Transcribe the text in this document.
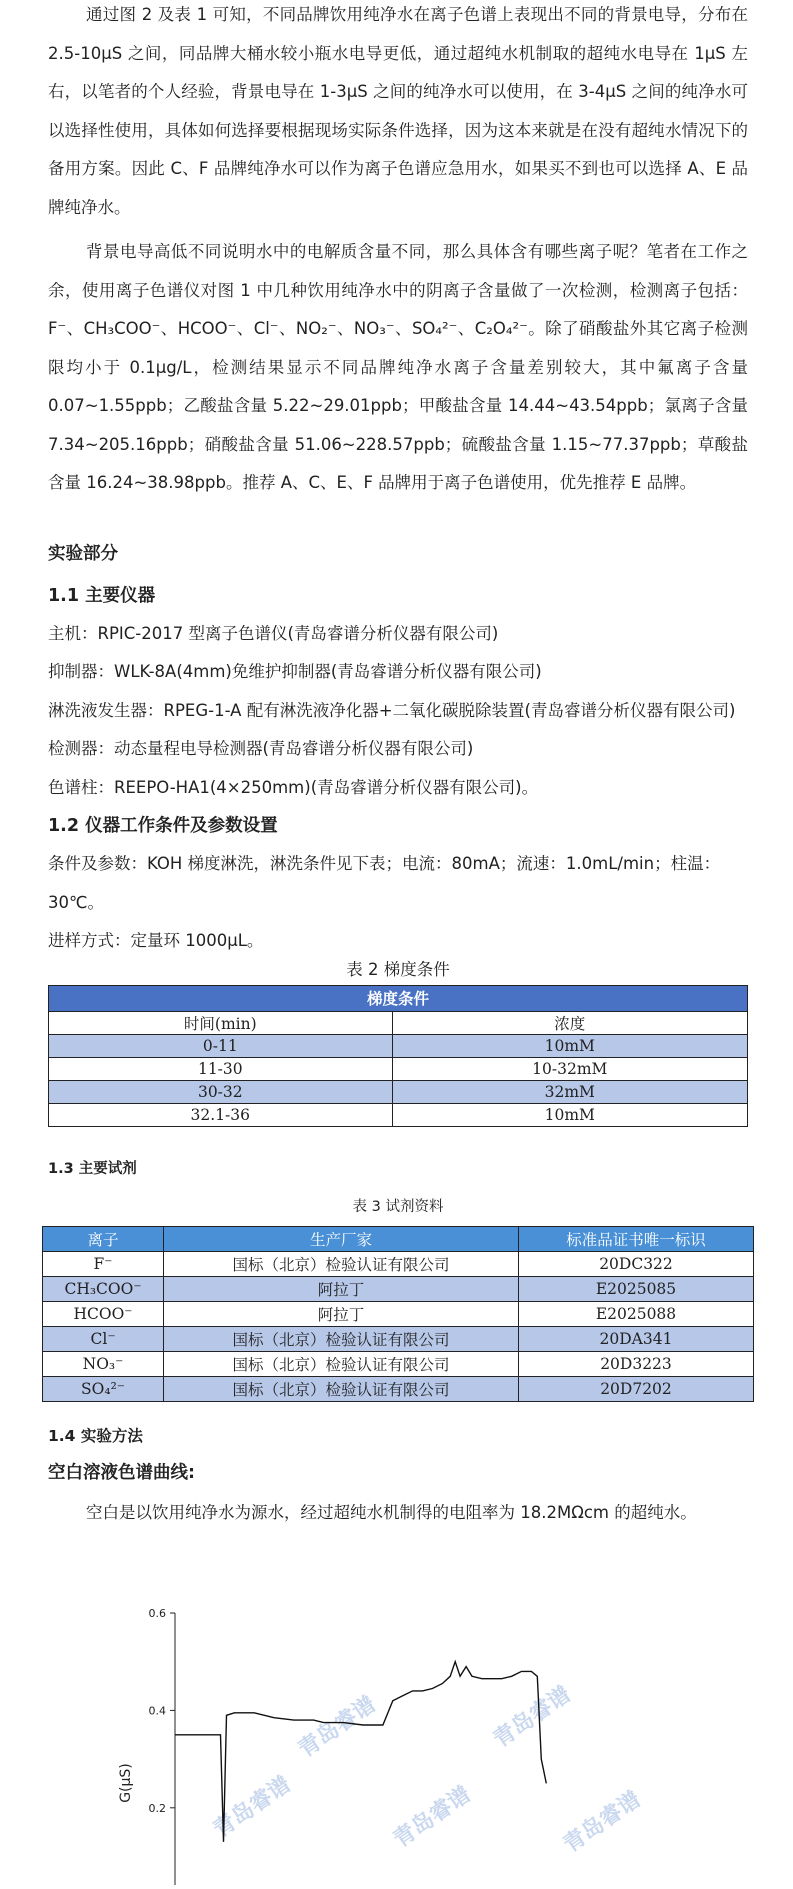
通过图 2 及表 1 可知，不同品牌饮用纯净水在离子色谱上表现出不同的背景电导，分布在 2.5-10μS 之间，同品牌大桶水较小瓶水电导更低，通过超纯水机制取的超纯水电导在 1μS 左右，以笔者的个人经验，背景电导在 1-3μS 之间的纯净水可以使用，在 3-4μS 之间的纯净水可以选择性使用，具体如何选择要根据现场实际条件选择，因为这本来就是在没有超纯水情况下的备用方案。因此 C、F 品牌纯净水可以作为离子色谱应急用水，如果买不到也可以选择 A、E 品牌纯净水。

背景电导高低不同说明水中的电解质含量不同，那么具体含有哪些离子呢？笔者在工作之余，使用离子色谱仪对图 1 中几种饮用纯净水中的阴离子含量做了一次检测，检测离子包括：F⁻、CH₃COO⁻、HCOO⁻、Cl⁻、NO₂⁻、NO₃⁻、SO₄²⁻、C₂O₄²⁻。除了硝酸盐外其它离子检测限均小于 0.1μg/L，检测结果显示不同品牌纯净水离子含量差别较大，其中氟离子含量 0.07~1.55ppb；乙酸盐含量 5.22~29.01ppb；甲酸盐含量 14.44~43.54ppb；氯离子含量 7.34~205.16ppb；硝酸盐含量 51.06~228.57ppb；硫酸盐含量 1.15~77.37ppb；草酸盐含量 16.24~38.98ppb。推荐 A、C、E、F 品牌用于离子色谱使用，优先推荐 E 品牌。

实验部分

1.1 主要仪器

主机：RPIC-2017 型离子色谱仪(青岛睿谱分析仪器有限公司)

抑制器：WLK-8A(4mm)免维护抑制器(青岛睿谱分析仪器有限公司)

淋洗液发生器：RPEG-1-A 配有淋洗液净化器+二氧化碳脱除装置(青岛睿谱分析仪器有限公司)

检测器：动态量程电导检测器(青岛睿谱分析仪器有限公司)

色谱柱：REEPO-HA1(4×250mm)(青岛睿谱分析仪器有限公司)。

1.2 仪器工作条件及参数设置

条件及参数：KOH 梯度淋洗，淋洗条件见下表；电流：80mA；流速：1.0mL/min；柱温：30℃。

进样方式：定量环 1000μL。

表 2 梯度条件

梯度条件	
时间(min)	浓度
0-11	10mM
11-30	10-32mM
30-32	32mM
32.1-36	10mM

1.3 主要试剂

表 3 试剂资料

离子	生产厂家	标准品证书唯一标识
F⁻	国标（北京）检验认证有限公司	20DC322
CH₃COO⁻	阿拉丁	E2025085
HCOO⁻	阿拉丁	E2025088
Cl⁻	国标（北京）检验认证有限公司	20DA341
NO₃⁻	国标（北京）检验认证有限公司	20D3223
SO₄²⁻	国标（北京）检验认证有限公司	20D7202

1.4 实验方法

空白溶液色谱曲线:

空白是以饮用纯净水为源水，经过超纯水机制得的电阻率为 18.2MΩcm 的超纯水。

青岛睿谱
青岛睿谱
青岛睿谱
青岛睿谱
青岛睿谱
0.6
0.4
0.2
G(μS)
